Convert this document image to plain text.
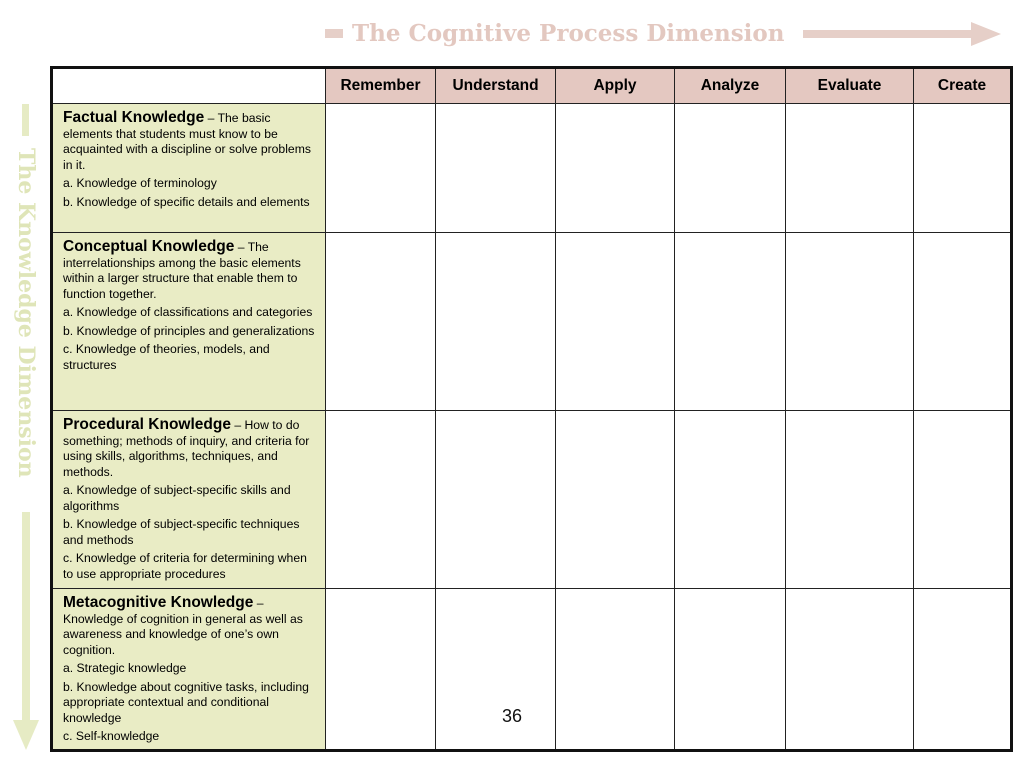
The Cognitive Process Dimension
The Knowledge Dimension
	Remember	Understand	Apply	Analyze	Evaluate	Create

Factual Knowledge – The basic elements that students must know to be acquainted with a discipline or solve problems in it.
a. Knowledge of terminology
b. Knowledge of specific details and elements						

Conceptual Knowledge – The interrelationships among the basic elements within a larger structure that enable them to function together.
a. Knowledge of classifications and categories
b. Knowledge of principles and generalizations
c. Knowledge of theories, models, and structures						

Procedural Knowledge – How to do something; methods of inquiry, and criteria for using skills, algorithms, techniques, and methods.
a. Knowledge of subject-specific skills and algorithms
b. Knowledge of subject-specific techniques and methods
c. Knowledge of criteria for determining when to use appropriate procedures						

Metacognitive Knowledge – Knowledge of cognition in general as well as awareness and knowledge of one’s own cognition.
a. Strategic knowledge
b. Knowledge about cognitive tasks, including appropriate contextual and conditional knowledge
c. Self-knowledge						

36
